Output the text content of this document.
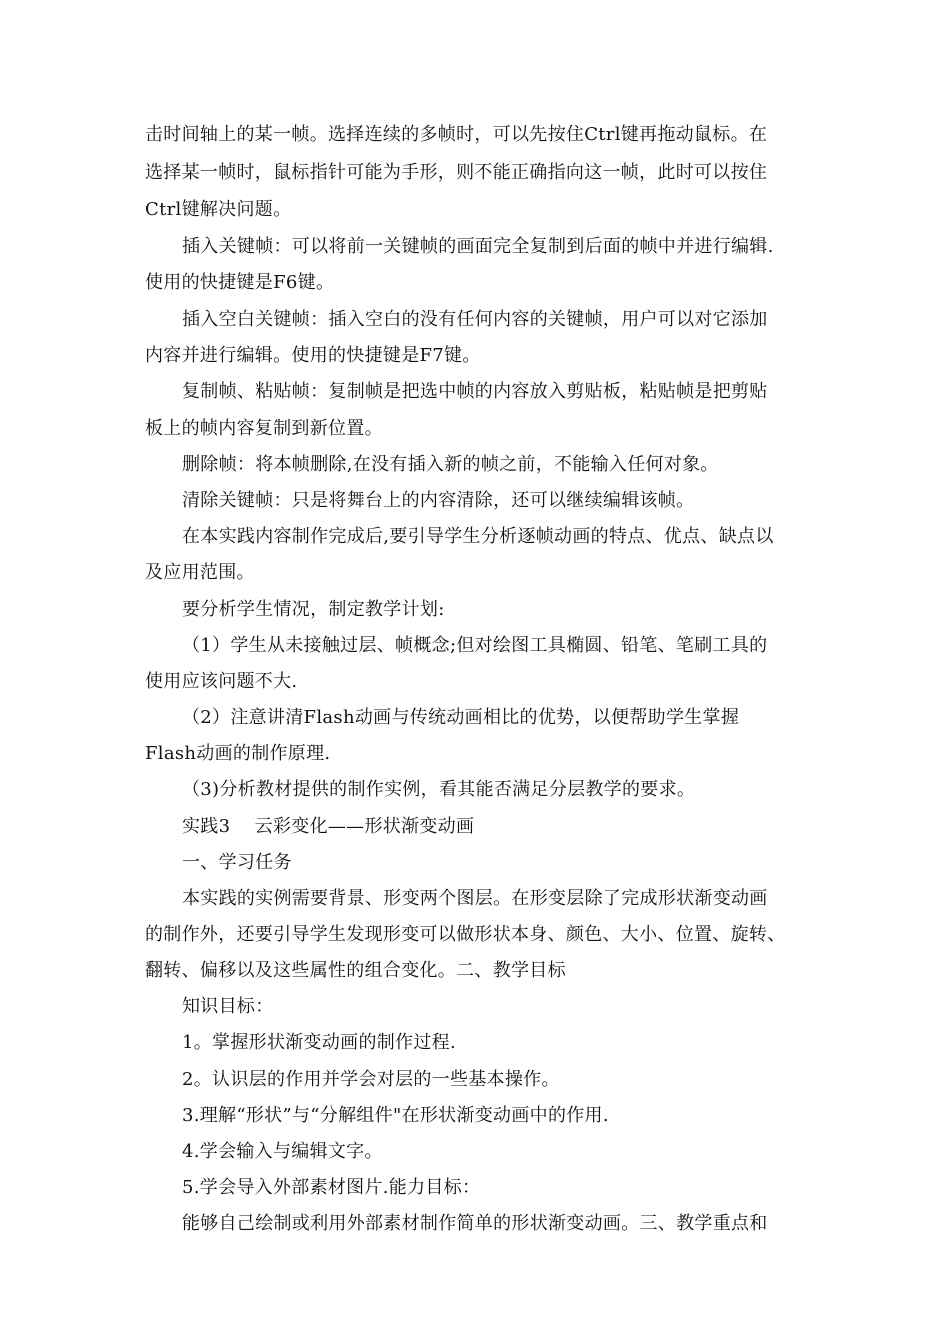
击时间轴上的某一帧。选择连续的多帧时，可以先按住Ctrl键再拖动鼠标。在
选择某一帧时，鼠标指针可能为手形，则不能正确指向这一帧，此时可以按住
Ctrl键解决问题。
插入关键帧：可以将前一关键帧的画面完全复制到后面的帧中并进行编辑.
使用的快捷键是F6键。
插入空白关键帧：插入空白的没有任何内容的关键帧，用户可以对它添加
内容并进行编辑。使用的快捷键是F7键。
复制帧、粘贴帧：复制帧是把选中帧的内容放入剪贴板，粘贴帧是把剪贴
板上的帧内容复制到新位置。
删除帧：将本帧删除,在没有插入新的帧之前，不能输入任何对象。
清除关键帧：只是将舞台上的内容清除，还可以继续编辑该帧。
在本实践内容制作完成后,要引导学生分析逐帧动画的特点、优点、缺点以
及应用范围。
要分析学生情况，制定教学计划:
（1）学生从未接触过层、帧概念;但对绘图工具椭圆、铅笔、笔刷工具的
使用应该问题不大.
（2）注意讲清Flash动画与传统动画相比的优势，以便帮助学生掌握
Flash动画的制作原理.
（3)分析教材提供的制作实例，看其能否满足分层教学的要求。
实践3　 云彩变化——形状渐变动画
一、学习任务
本实践的实例需要背景、形变两个图层。在形变层除了完成形状渐变动画
的制作外，还要引导学生发现形变可以做形状本身、颜色、大小、位置、旋转、
翻转、偏移以及这些属性的组合变化。二、教学目标
知识目标：
1。掌握形状渐变动画的制作过程.
2。认识层的作用并学会对层的一些基本操作。
3.理解“形状”与“分解组件"在形状渐变动画中的作用.
4.学会输入与编辑文字。
5.学会导入外部素材图片.能力目标：
能够自己绘制或利用外部素材制作简单的形状渐变动画。三、教学重点和
